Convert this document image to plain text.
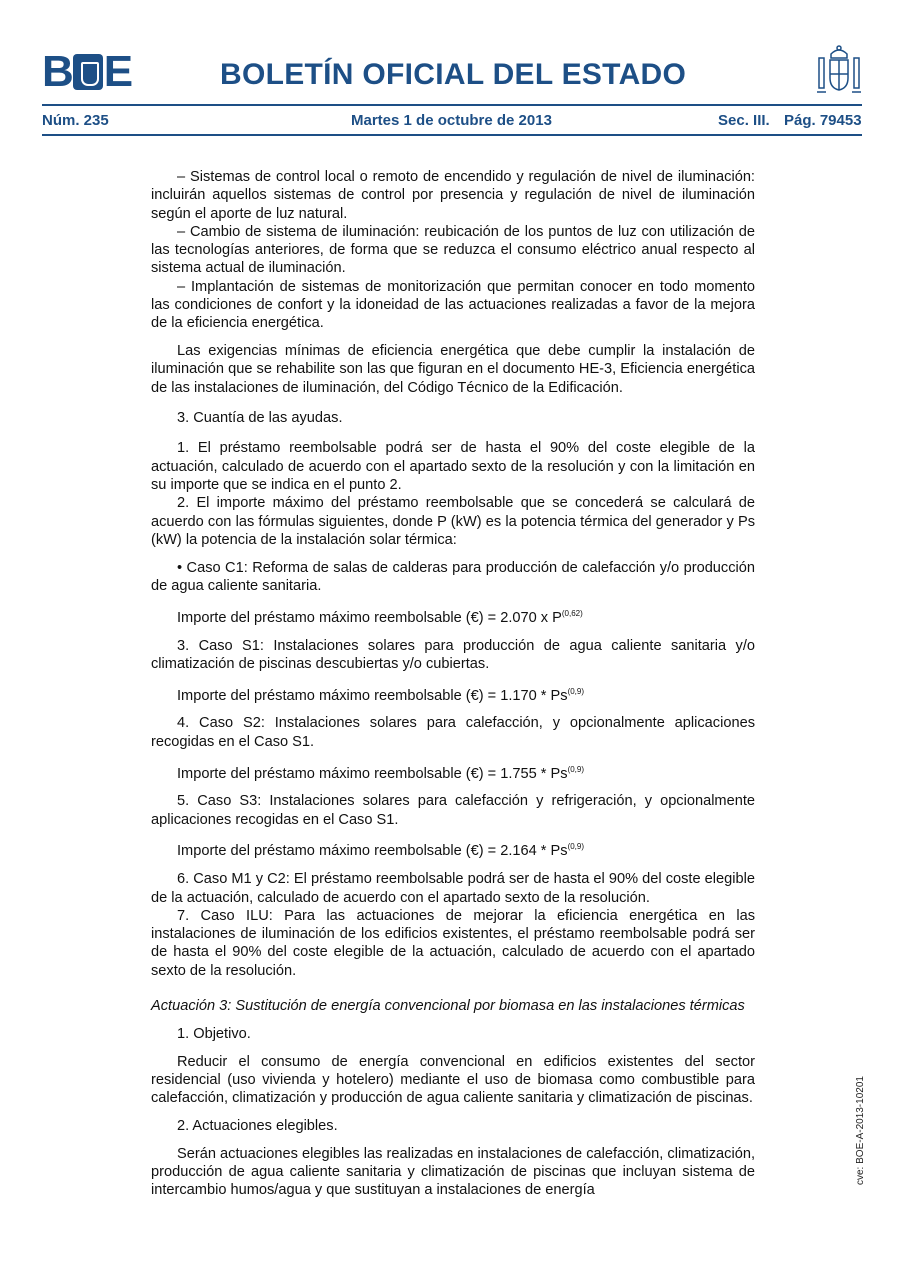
B E	BOLETÍN OFICIAL DEL ESTADO
Núm. 235	Martes 1 de octubre de 2013	Sec. III. Pág. 79453

– Sistemas de control local o remoto de encendido y regulación de nivel de iluminación: incluirán aquellos sistemas de control por presencia y regulación de nivel de iluminación según el aporte de luz natural.

– Cambio de sistema de iluminación: reubicación de los puntos de luz con utilización de las tecnologías anteriores, de forma que se reduzca el consumo eléctrico anual respecto al sistema actual de iluminación.

– Implantación de sistemas de monitorización que permitan conocer en todo momento las condiciones de confort y la idoneidad de las actuaciones realizadas a favor de la mejora de la eficiencia energética.

Las exigencias mínimas de eficiencia energética que debe cumplir la instalación de iluminación que se rehabilite son las que figuran en el documento HE-3, Eficiencia energética de las instalaciones de iluminación, del Código Técnico de la Edificación.

3. Cuantía de las ayudas.

1. El préstamo reembolsable podrá ser de hasta el 90% del coste elegible de la actuación, calculado de acuerdo con el apartado sexto de la resolución y con la limitación en su importe que se indica en el punto 2.

2. El importe máximo del préstamo reembolsable que se concederá se calculará de acuerdo con las fórmulas siguientes, donde P (kW) es la potencia térmica del generador y Ps (kW) la potencia de la instalación solar térmica:

• Caso C1: Reforma de salas de calderas para producción de calefacción y/o producción de agua caliente sanitaria.

Importe del préstamo máximo reembolsable (€) = 2.070 x P$^{(0,62)}$

3. Caso S1: Instalaciones solares para producción de agua caliente sanitaria y/o climatización de piscinas descubiertas y/o cubiertas.

Importe del préstamo máximo reembolsable (€) = 1.170 * Ps$^{(0,9)}$

4. Caso S2: Instalaciones solares para calefacción, y opcionalmente aplicaciones recogidas en el Caso S1.

Importe del préstamo máximo reembolsable (€) = 1.755 * Ps$^{(0,9)}$

5. Caso S3: Instalaciones solares para calefacción y refrigeración, y opcionalmente aplicaciones recogidas en el Caso S1.

Importe del préstamo máximo reembolsable (€) = 2.164 * Ps$^{(0,9)}$

6. Caso M1 y C2: El préstamo reembolsable podrá ser de hasta el 90% del coste elegible de la actuación, calculado de acuerdo con el apartado sexto de la resolución.

7. Caso ILU: Para las actuaciones de mejorar la eficiencia energética en las instalaciones de iluminación de los edificios existentes, el préstamo reembolsable podrá ser de hasta el 90% del coste elegible de la actuación, calculado de acuerdo con el apartado sexto de la resolución.

Actuación 3: Sustitución de energía convencional por biomasa en las instalaciones térmicas

1. Objetivo.

Reducir el consumo de energía convencional en edificios existentes del sector residencial (uso vivienda y hotelero) mediante el uso de biomasa como combustible para calefacción, climatización y producción de agua caliente sanitaria y climatización de piscinas.

2. Actuaciones elegibles.

Serán actuaciones elegibles las realizadas en instalaciones de calefacción, climatización, producción de agua caliente sanitaria y climatización de piscinas que incluyan sistema de intercambio humos/agua y que sustituyan a instalaciones de energía

cve: BOE-A-2013-10201
